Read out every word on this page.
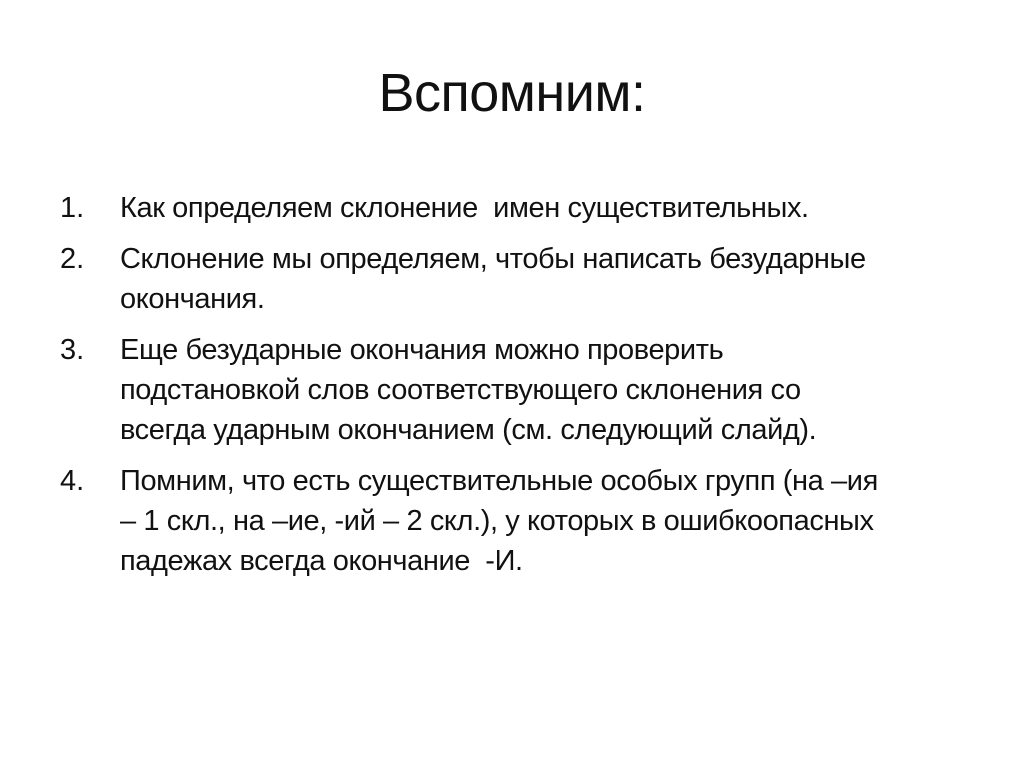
Вспомним:
1. Как определяем склонение  имен существительных.
2. Склонение мы определяем, чтобы написать безударные
окончания.
3. Еще безударные окончания можно проверить
подстановкой слов соответствующего склонения со
всегда ударным окончанием (см. следующий слайд).
4. Помним, что есть существительные особых групп (на –ия
– 1 скл., на –ие, -ий – 2 скл.), у которых в ошибкоопасных
падежах всегда окончание  -И.
